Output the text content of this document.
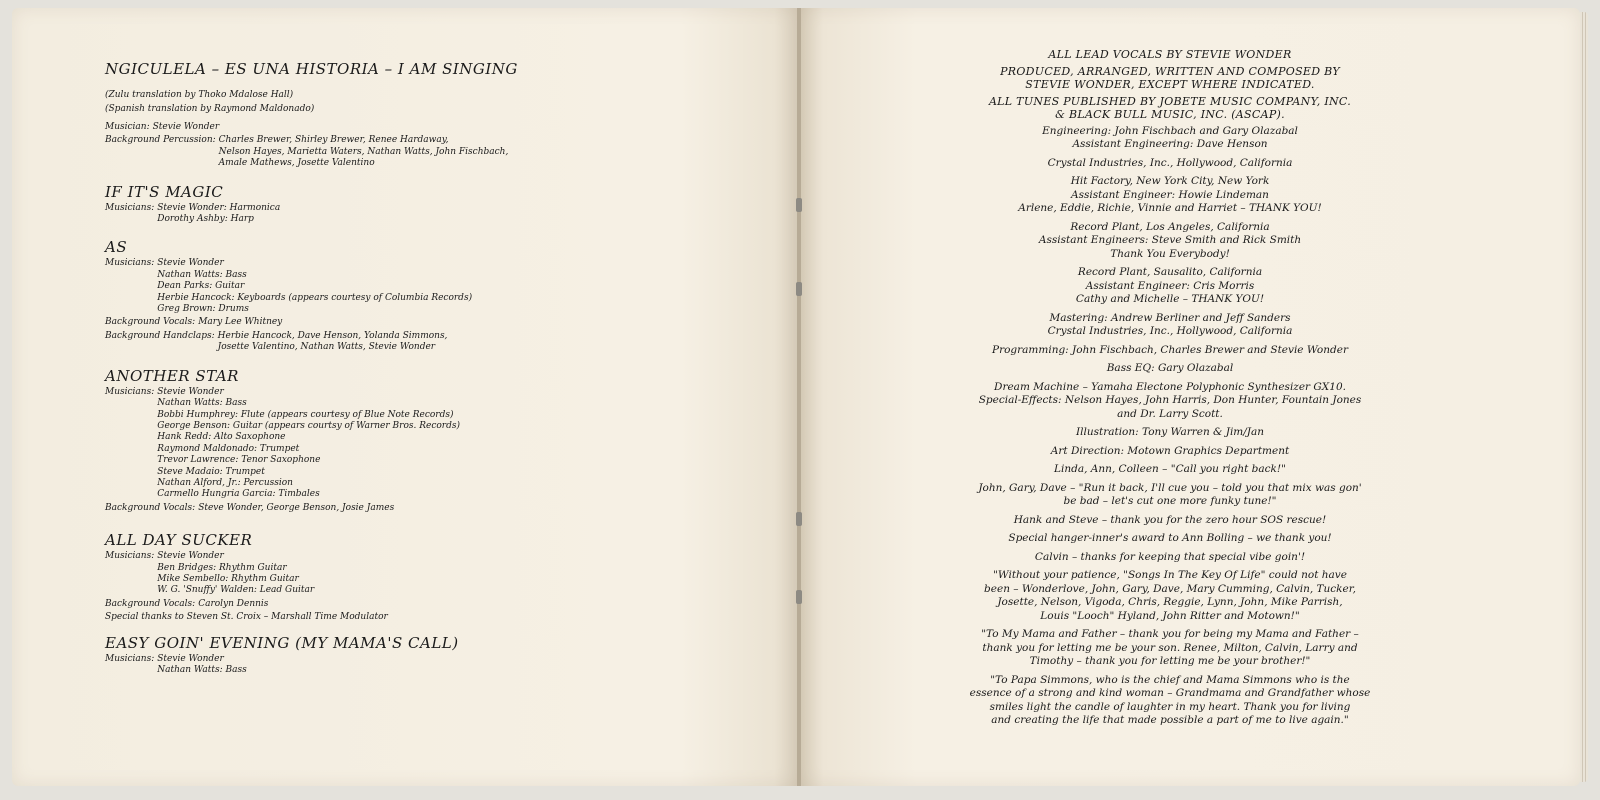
NGICULELA – ES UNA HISTORIA – I AM SINGING

(Zulu translation by Thoko Mdalose Hall)

(Spanish translation by Raymond Maldonado)

Musician: Stevie Wonder
Background Percussion: Charles Brewer, Shirley Brewer, Renee Hardaway,
Nelson Hayes, Marietta Waters, Nathan Watts, John Fischbach,
Amale Mathews, Josette Valentino
IF IT'S MAGIC
Musicians: Stevie Wonder: Harmonica
Dorothy Ashby: Harp
AS
Musicians: Stevie Wonder
Nathan Watts: Bass
Dean Parks: Guitar
Herbie Hancock: Keyboards (appears courtesy of Columbia Records)
Greg Brown: Drums
Background Vocals: Mary Lee Whitney
Background Handclaps: Herbie Hancock, Dave Henson, Yolanda Simmons,
Josette Valentino, Nathan Watts, Stevie Wonder
ANOTHER STAR
Musicians: Stevie Wonder
Nathan Watts: Bass
Bobbi Humphrey: Flute (appears courtesy of Blue Note Records)
George Benson: Guitar (appears courtsy of Warner Bros. Records)
Hank Redd: Alto Saxophone
Raymond Maldonado: Trumpet
Trevor Lawrence: Tenor Saxophone
Steve Madaio: Trumpet
Nathan Alford, Jr.: Percussion
Carmello Hungria Garcia: Timbales
Background Vocals: Steve Wonder, George Benson, Josie James
ALL DAY SUCKER
Musicians: Stevie Wonder
Ben Bridges: Rhythm Guitar
Mike Sembello: Rhythm Guitar
W. G. 'Snuffy' Walden: Lead Guitar
Background Vocals: Carolyn Dennis
Special thanks to Steven St. Croix – Marshall Time Modulator
EASY GOIN' EVENING (MY MAMA'S CALL)
Musicians: Stevie Wonder
Nathan Watts: Bass

ALL LEAD VOCALS BY STEVIE WONDER

PRODUCED, ARRANGED, WRITTEN AND COMPOSED BY
STEVIE WONDER, EXCEPT WHERE INDICATED.

ALL TUNES PUBLISHED BY JOBETE MUSIC COMPANY, INC.
& BLACK BULL MUSIC, INC. (ASCAP).

Engineering: John Fischbach and Gary Olazabal
Assistant Engineering: Dave Henson

Crystal Industries, Inc., Hollywood, California

Hit Factory, New York City, New York
Assistant Engineer: Howie Lindeman
Arlene, Eddie, Richie, Vinnie and Harriet – THANK YOU!

Record Plant, Los Angeles, California
Assistant Engineers: Steve Smith and Rick Smith
Thank You Everybody!

Record Plant, Sausalito, California
Assistant Engineer: Cris Morris
Cathy and Michelle – THANK YOU!

Mastering: Andrew Berliner and Jeff Sanders
Crystal Industries, Inc., Hollywood, California

Programming: John Fischbach, Charles Brewer and Stevie Wonder

Bass EQ: Gary Olazabal

Dream Machine – Yamaha Electone Polyphonic Synthesizer GX10.
Special-Effects: Nelson Hayes, John Harris, Don Hunter, Fountain Jones
and Dr. Larry Scott.

Illustration: Tony Warren & Jim/Jan

Art Direction: Motown Graphics Department

Linda, Ann, Colleen – "Call you right back!"

John, Gary, Dave – "Run it back, I'll cue you – told you that mix was gon'
be bad – let's cut one more funky tune!"

Hank and Steve – thank you for the zero hour SOS rescue!

Special hanger-inner's award to Ann Bolling – we thank you!

Calvin – thanks for keeping that special vibe goin'!

"Without your patience, "Songs In The Key Of Life" could not have
been – Wonderlove, John, Gary, Dave, Mary Cumming, Calvin, Tucker,
Josette, Nelson, Vigoda, Chris, Reggie, Lynn, John, Mike Parrish,
Louis "Looch" Hyland, John Ritter and Motown!"

"To My Mama and Father – thank you for being my Mama and Father –
thank you for letting me be your son. Renee, Milton, Calvin, Larry and
Timothy – thank you for letting me be your brother!"

"To Papa Simmons, who is the chief and Mama Simmons who is the
essence of a strong and kind woman – Grandmama and Grandfather whose
smiles light the candle of laughter in my heart. Thank you for living
and creating the life that made possible a part of me to live again."
